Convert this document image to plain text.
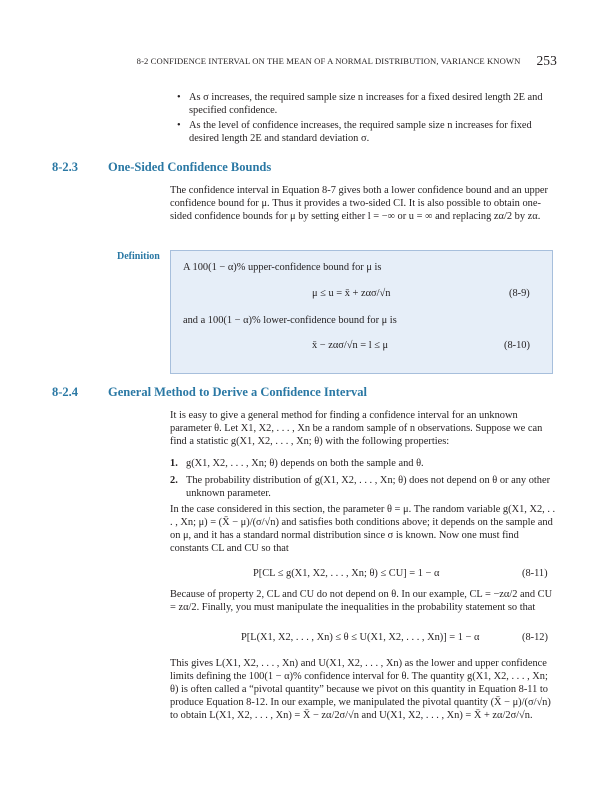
8-2 CONFIDENCE INTERVAL ON THE MEAN OF A NORMAL DISTRIBUTION, VARIANCE KNOWN	253
• As σ increases, the required sample size n increases for a fixed desired length 2E and specified confidence.
• As the level of confidence increases, the required sample size n increases for fixed desired length 2E and standard deviation σ.
8-2.3	One-Sided Confidence Bounds
The confidence interval in Equation 8-7 gives both a lower confidence bound and an upper confidence bound for μ. Thus it provides a two-sided CI. It is also possible to obtain one-sided confidence bounds for μ by setting either l = −∞ or u = ∞ and replacing zα/2 by zα.
Definition
A 100(1 − α)% upper-confidence bound for μ is
μ ≤ u = x̄ + zασ/√n	(8-9)
and a 100(1 − α)% lower-confidence bound for μ is
x̄ − zασ/√n = l ≤ μ	(8-10)
8-2.4	General Method to Derive a Confidence Interval
It is easy to give a general method for finding a confidence interval for an unknown parameter θ. Let X1, X2, . . . , Xn be a random sample of n observations. Suppose we can find a statistic g(X1, X2, . . . , Xn; θ) with the following properties:
1. g(X1, X2, . . . , Xn; θ) depends on both the sample and θ.
2. The probability distribution of g(X1, X2, . . . , Xn; θ) does not depend on θ or any other unknown parameter.
In the case considered in this section, the parameter θ = μ. The random variable g(X1, X2, . . . , Xn; μ) = (X̄ − μ)/(σ/√n) and satisfies both conditions above; it depends on the sample and on μ, and it has a standard normal distribution since σ is known. Now one must find constants CL and CU so that
P[CL ≤ g(X1, X2, . . . , Xn; θ) ≤ CU] = 1 − α	(8-11)
Because of property 2, CL and CU do not depend on θ. In our example, CL = −zα/2 and CU = zα/2. Finally, you must manipulate the inequalities in the probability statement so that
P[L(X1, X2, . . . , Xn) ≤ θ ≤ U(X1, X2, . . . , Xn)] = 1 − α	(8-12)
This gives L(X1, X2, . . . , Xn) and U(X1, X2, . . . , Xn) as the lower and upper confidence limits defining the 100(1 − α)% confidence interval for θ. The quantity g(X1, X2, . . . , Xn; θ) is often called a “pivotal quantity” because we pivot on this quantity in Equation 8-11 to produce Equation 8-12. In our example, we manipulated the pivotal quantity (X̄ − μ)/(σ/√n) to obtain L(X1, X2, . . . , Xn) = X̄ − zα/2σ/√n and U(X1, X2, . . . , Xn) = X̄ + zα/2σ/√n.
